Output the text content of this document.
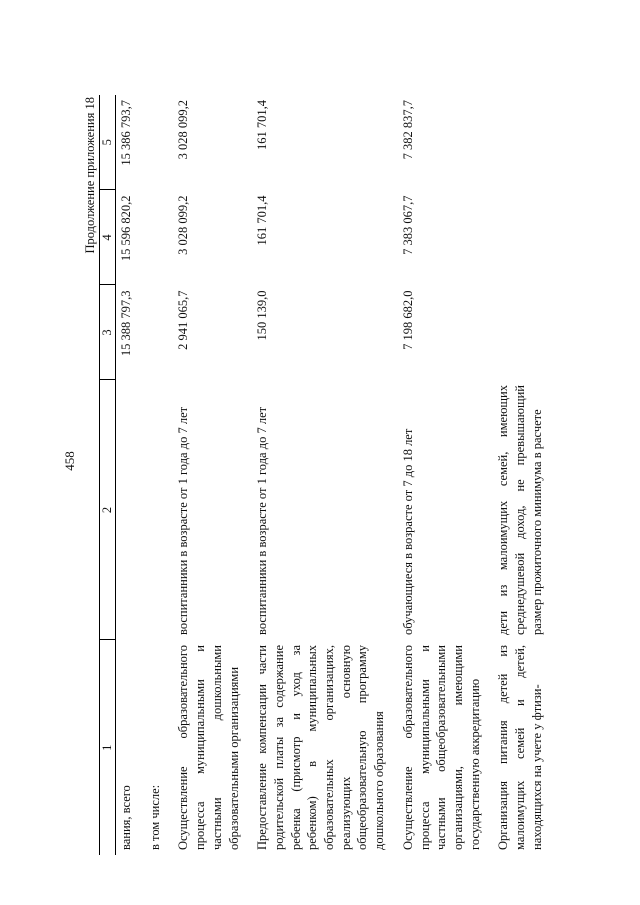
458
Продолжение приложения 18
1	2	3	4	5
вания, всего		15 388 797,3	15 596 820,2	15 386 793,7

в том числе:				

Осуществление образовательного процесса муниципальными и частными дошкольными образовательными организациями	воспитанники в возрасте от 1 года до 7 лет	2 941 065,7	3 028 099,2	3 028 099,2

Предоставление компенсации части родительской платы за содержание ребенка (присмотр и уход за ребенком) в муниципальных образовательных организациях, реализующих основную общеобразовательную программу дошкольного образования	воспитанники в возрасте от 1 года до 7 лет	150 139,0	161 701,4	161 701,4

Осуществление образовательного процесса муниципальными и частными общеобразовательными организациями, имеющими государственную аккредитацию	обучающиеся в возрасте от 7 до 18 лет	7 198 682,0	7 383 067,7	7 382 837,7

Организация питания детей из малоимущих семей и детей, находящихся на учете у фтизи-	дети из малоимущих семей, имеющих среднедушевой доход, не превышающий размер прожиточного минимума в расчете			
